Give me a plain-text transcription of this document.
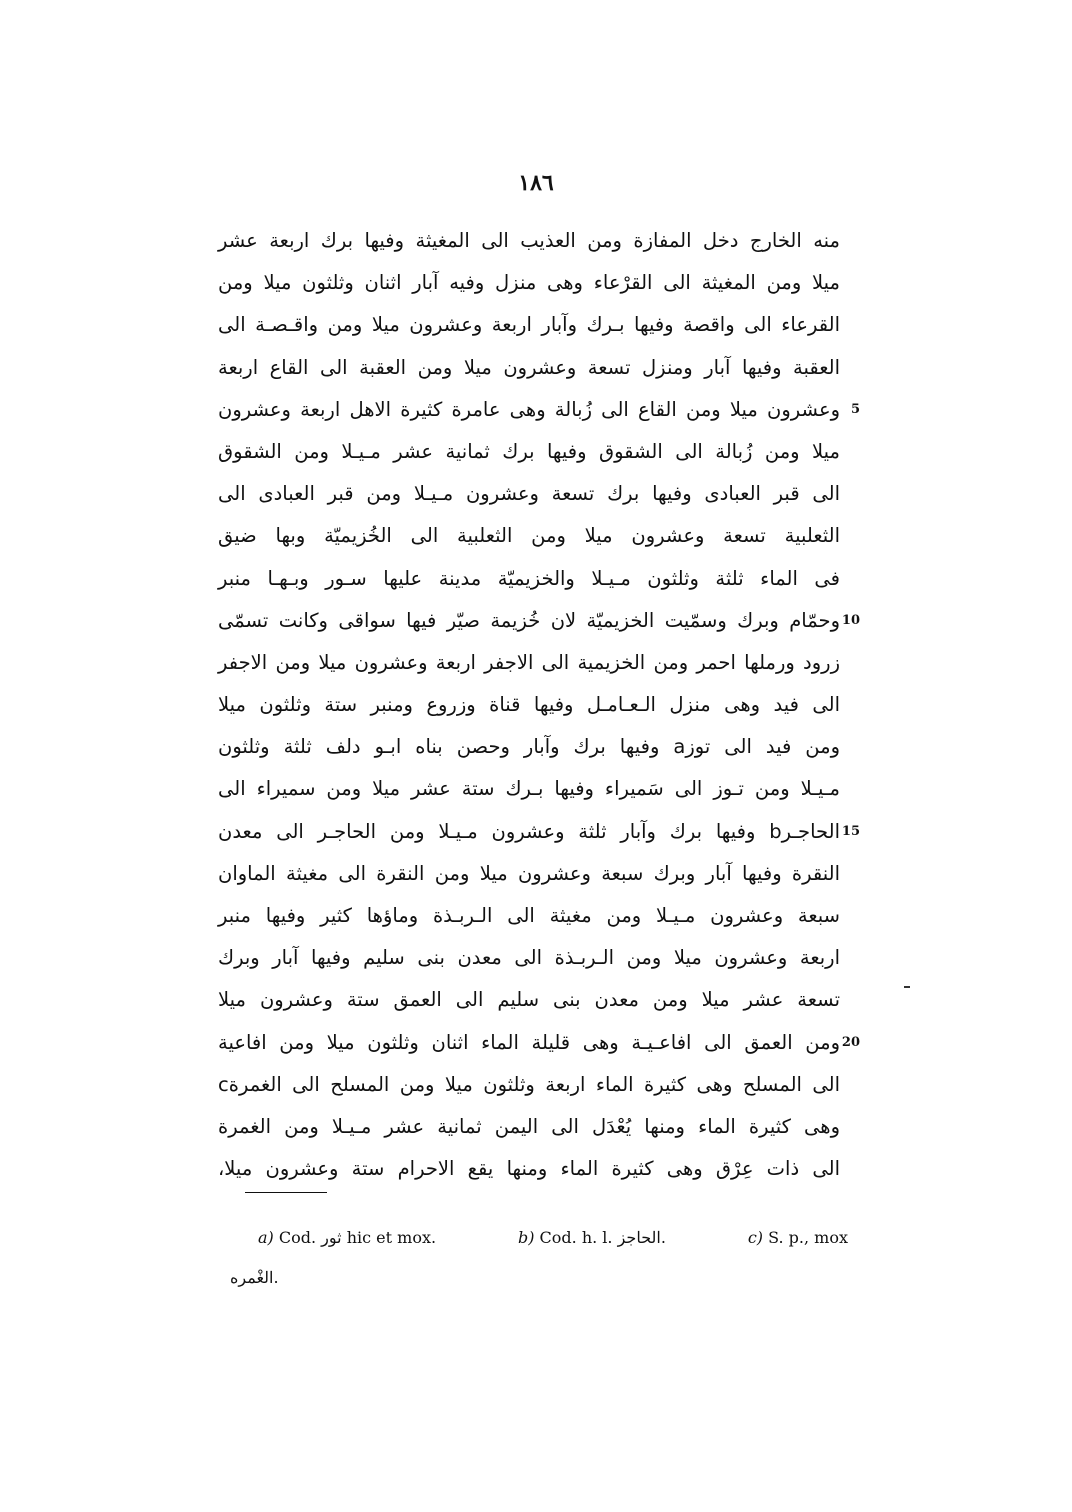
١٨٦
منه الخارج دخل المفازة ومن العذيب الى المغيثة وفيها برك اربعة عشر
ميلا ومن المغيثة الى القرْعاء وهى منزل وفيه آبار اثنان وثلثون ميلا ومن
القرعاء الى واقصة وفيها بـرك وآبار اربعة وعشرون ميلا ومن واقـصـة الى
العقبة وفيها آبار ومنزل تسعة وعشرون ميلا ومن العقبة الى القاع اربعة
5
وعشرون ميلا ومن القاع الى زُبالة وهى عامرة كثيرة الاهل اربعة وعشرون
ميلا ومن زُبالة الى الشقوق وفيها برك ثمانية عشر مـيـلا ومن الشقوق
الى قبر العبادى وفيها برك تسعة وعشرون مـيـلا ومن قبر العبادى الى
الثعلبية تسعة وعشرون ميلا ومن الثعلبية الى الخُزيميّة وبها ضيق
فى الماء ثلثة وثلثون مـيـلا والخزيميّة مدينة عليها سـور وبـهـا منبر
10
وحمّام وبرك وسمّيت الخزيميّة لان خُزيمة صيّر فيها سواقى وكانت تسمّى
زرود ورملها احمر ومن الخزيمية الى الاجفر اربعة وعشرون ميلا ومن الاجفر
الى فيد وهى منزل الـعـامـل وفيها قناة وزروع ومنبر ستة وثلثون ميلا
ومن فيد الى توزa وفيها برك وآبار وحصن بناه ابـو دلف ثلثة وثلثون
مـيـلا ومن تـوز الى سَميراء وفيها بـرك ستة عشر ميلا ومن سميراء الى
15
الحاجـرb وفيها برك وآبار ثلثة وعشرون مـيـلا ومن الحاجـر الى معدن
النقرة وفيها آبار وبرك سبعة وعشرون ميلا ومن النقرة الى مغيثة الماوان
سبعة وعشرون مـيـلا ومن مغيثة الى الـربـذة وماؤها كثير وفيها منبر
اربعة وعشرون ميلا ومن الـربـذة الى معدن بنى سليم وفيها آبار وبرك
تسعة عشر ميلا ومن معدن بنى سليم الى العمق ستة وعشرون ميلا
20
ومن العمق الى افاعـيـة وهى قليلة الماء اثنان وثلثون ميلا ومن افاعية
الى المسلح وهى كثيرة الماء اربعة وثلثون ميلا ومن المسلح الى الغمرةc
وهى كثيرة الماء ومنها يُعْدَل الى اليمن ثمانية عشر مـيـلا ومن الغمرة
الى ذات عِرْق وهى كثيرة الماء ومنها يقع الاحرام ستة وعشرون ميلا،
a) Cod. ثور hic et mox.	b) Cod. h. l. الحاجز.	c) S. p., mox
الغْمره.
